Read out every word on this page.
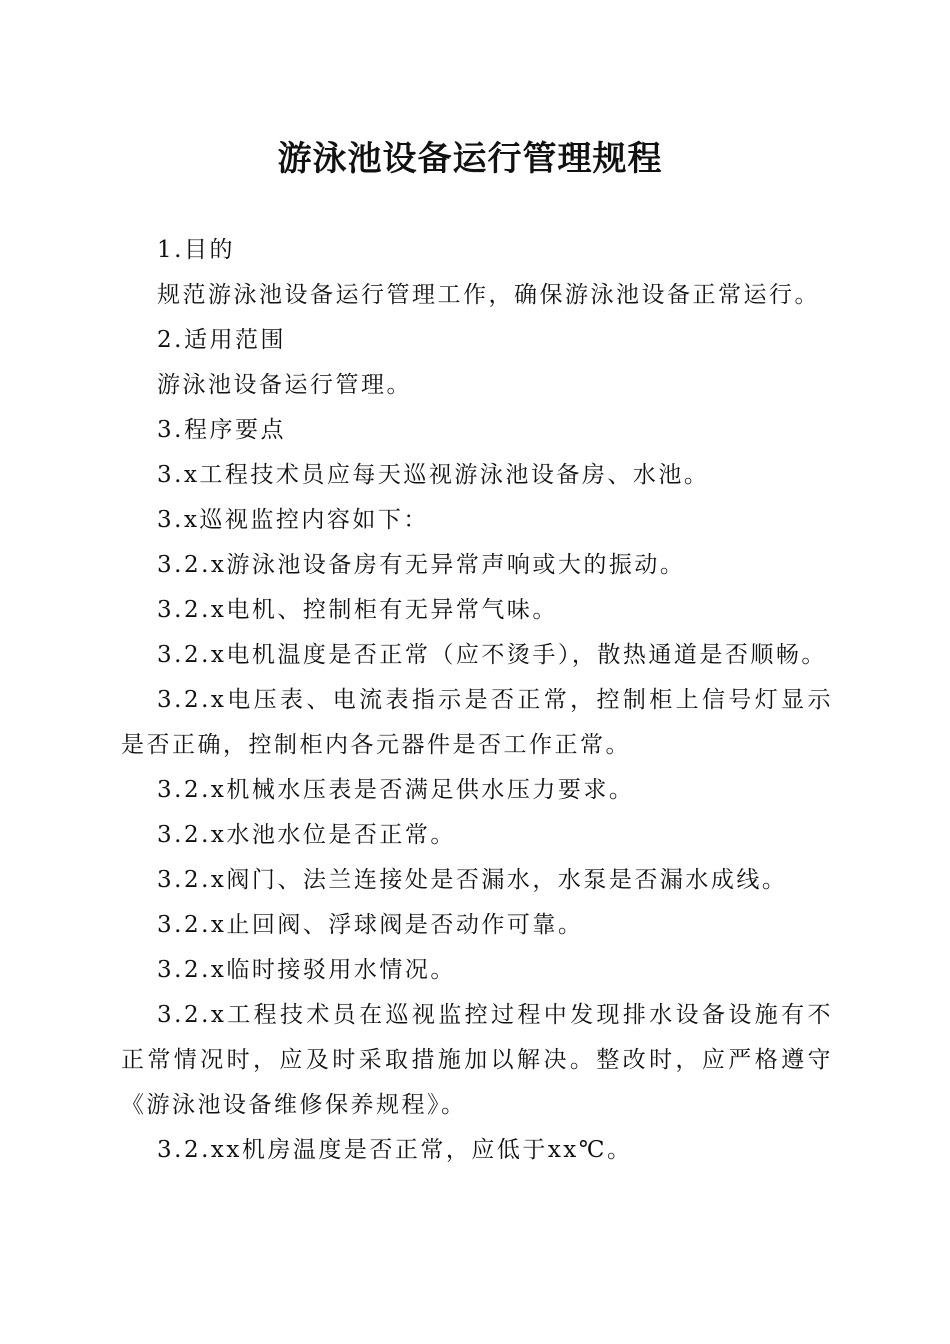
游泳池设备运行管理规程

1.目的

规范游泳池设备运行管理工作，确保游泳池设备正常运行。

2.适用范围

游泳池设备运行管理。

3.程序要点

3.x工程技术员应每天巡视游泳池设备房、水池。

3.x巡视监控内容如下：

3.2.x游泳池设备房有无异常声响或大的振动。

3.2.x电机、控制柜有无异常气味。

3.2.x电机温度是否正常（应不烫手），散热通道是否顺畅。

3.2.x电压表、电流表指示是否正常，控制柜上信号灯显示是否正确，控制柜内各元器件是否工作正常。

3.2.x机械水压表是否满足供水压力要求。

3.2.x水池水位是否正常。

3.2.x阀门、法兰连接处是否漏水，水泵是否漏水成线。

3.2.x止回阀、浮球阀是否动作可靠。

3.2.x临时接驳用水情况。

3.2.x工程技术员在巡视监控过程中发现排水设备设施有不正常情况时，应及时采取措施加以解决。整改时，应严格遵守《游泳池设备维修保养规程》。

3.2.xx机房温度是否正常，应低于xx℃。
